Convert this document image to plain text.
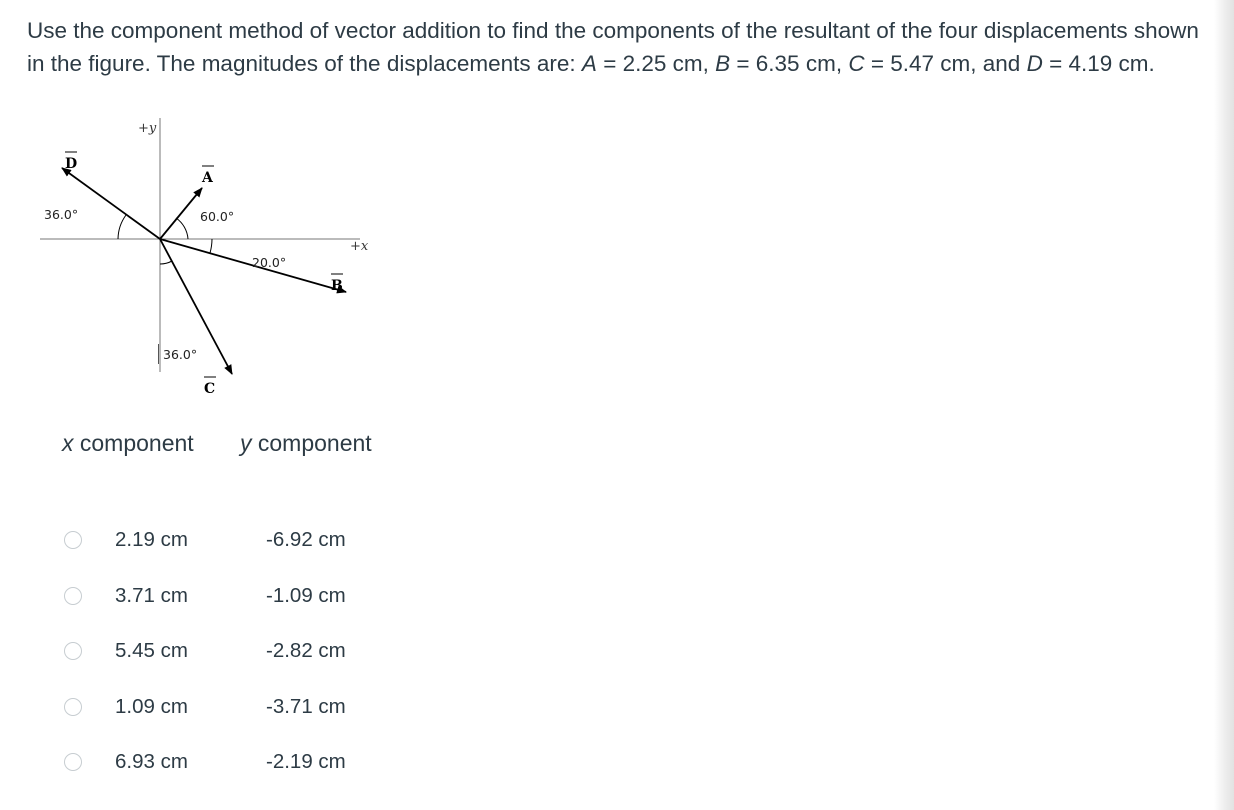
Use the component method of vector addition to find the components of the resultant of the four displacements shown in the figure. The magnitudes of the displacements are: A = 2.25 cm, B = 6.35 cm, C = 5.47 cm, and D = 4.19 cm.

+y
+x
36.0°	60.0°
20.0°
36.0°
D
A
B
C
x component y component
2.19 cm	-6.92 cm
3.71 cm	-1.09 cm
5.45 cm	-2.82 cm
1.09 cm	-3.71 cm
6.93 cm	-2.19 cm
